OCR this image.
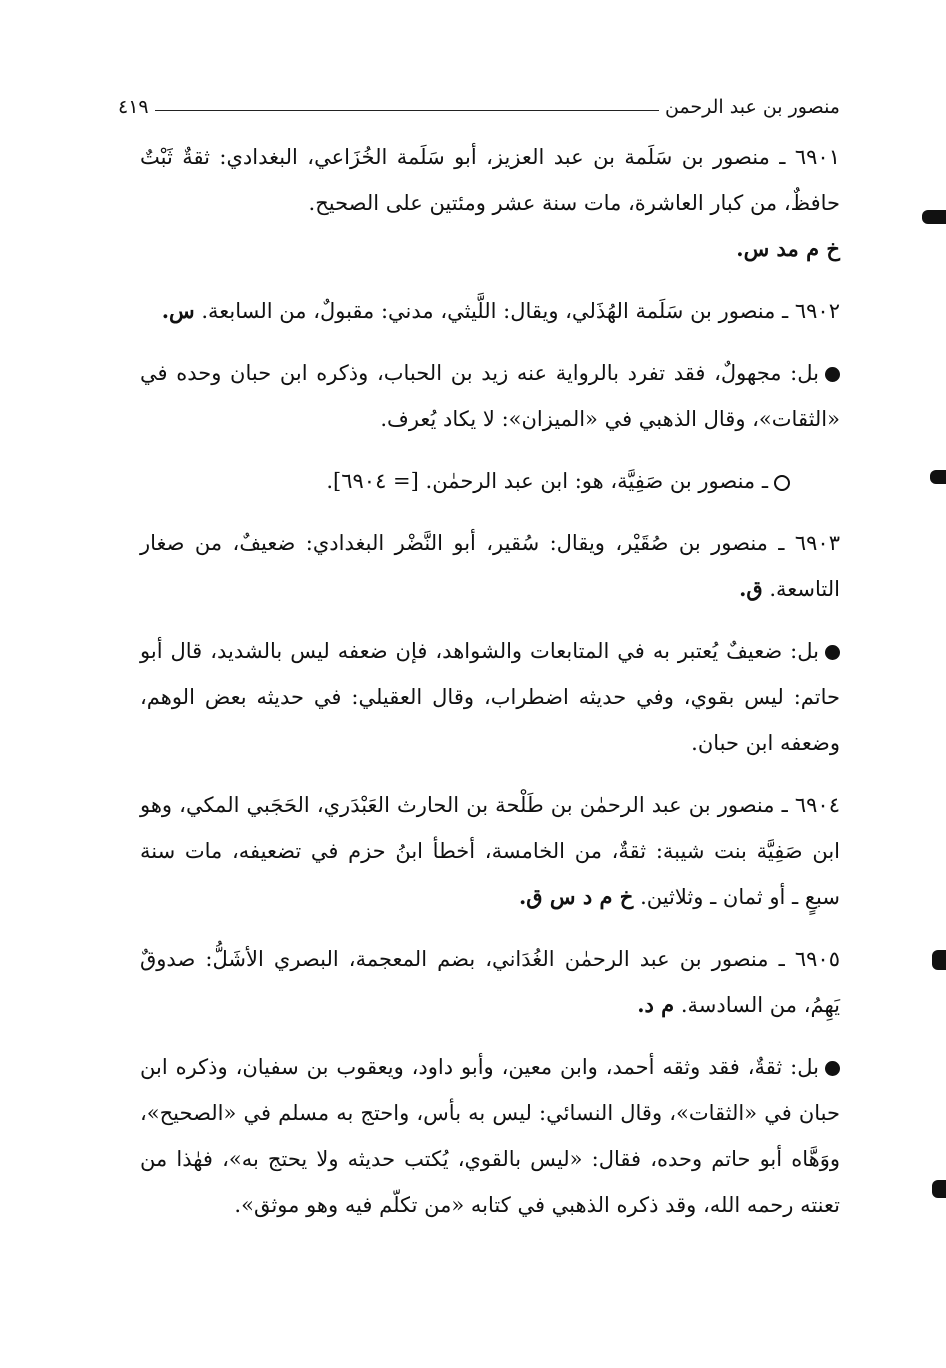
منصور بن عبد الرحمن
٤١٩

٦٩٠١ ـ منصور بن سَلَمة بن عبد العزيز، أبو سَلَمة الخُزَاعي، البغدادي: ثقةٌ ثَبْتٌ حافظٌ، من كبار العاشرة، مات سنة عشر ومئتين على الصحيح.
خ م مد س.

٦٩٠٢ ـ منصور بن سَلَمة الهُذَلي، ويقال: اللَّيثي، مدني: مقبولٌ، من السابعة. س.

بل: مجهولٌ، فقد تفرد بالرواية عنه زيد بن الحباب، وذكره ابن حبان وحده في «الثقات»، وقال الذهبي في «الميزان»: لا يكاد يُعرف.

ـ منصور بن صَفِيَّة، هو: ابن عبد الرحمٰن. [= ٦٩٠٤].

٦٩٠٣ ـ منصور بن صُقَيْر، ويقال: سُقير، أبو النَّضْر البغدادي: ضعيفٌ، من صغار التاسعة. ق.

بل: ضعيفٌ يُعتبر به في المتابعات والشواهد، فإن ضعفه ليس بالشديد، قال أبو حاتم: ليس بقوي، وفي حديثه اضطراب، وقال العقيلي: في حديثه بعض الوهم، وضعفه ابن حبان.

٦٩٠٤ ـ منصور بن عبد الرحمٰن بن طَلْحة بن الحارث العَبْدَري، الحَجَبي المكي، وهو ابن صَفِيَّة بنت شيبة: ثقةٌ، من الخامسة، أخطأ ابنُ حزم في تضعيفه، مات سنة سبعٍ ـ أو ثمان ـ وثلاثين. خ م د س ق.

٦٩٠٥ ـ منصور بن عبد الرحمٰن الغُدَاني، بضم المعجمة، البصري الأشَلُّ: صدوقٌ يَهِمُ، من السادسة. م د.

بل: ثقةٌ، فقد وثقه أحمد، وابن معين، وأبو داود، ويعقوب بن سفيان، وذكره ابن حبان في «الثقات»، وقال النسائي: ليس به بأس، واحتج به مسلم في «الصحيح»، ووَهَّاه أبو حاتم وحده، فقال: «ليس بالقوي، يُكتب حديثه ولا يحتج به»، فهٰذا من تعنته رحمه الله، وقد ذكره الذهبي في كتابه «من تكلّم فيه وهو موثق».
